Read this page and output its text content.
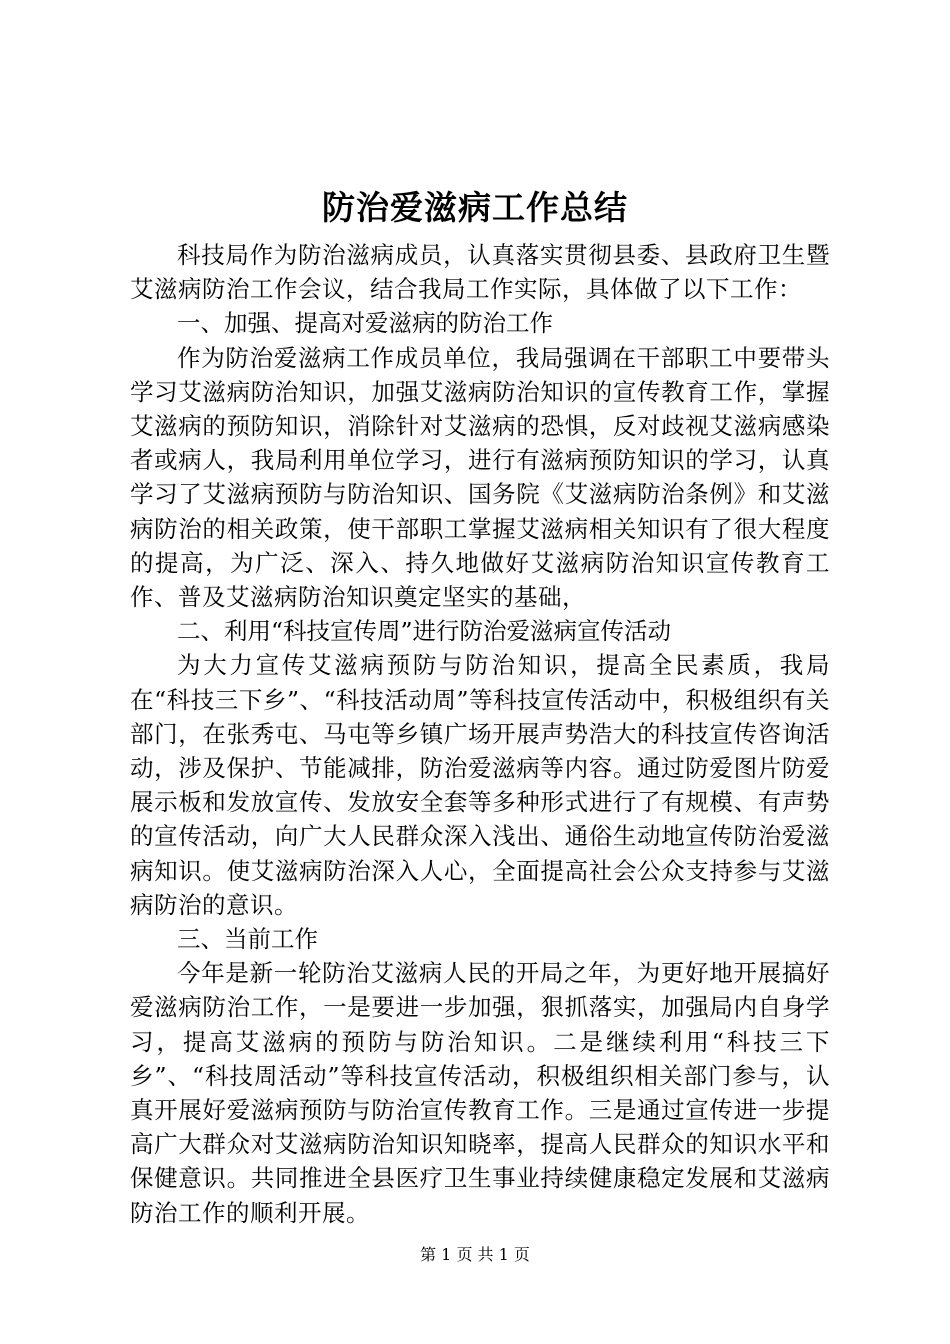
防治爱滋病工作总结

科技局作为防治滋病成员，认真落实贯彻县委、县政府卫生暨艾滋病防治工作会议，结合我局工作实际，具体做了以下工作：

一、加强、提高对爱滋病的防治工作

作为防治爱滋病工作成员单位，我局强调在干部职工中要带头学习艾滋病防治知识，加强艾滋病防治知识的宣传教育工作，掌握艾滋病的预防知识，消除针对艾滋病的恐惧，反对歧视艾滋病感染者或病人，我局利用单位学习，进行有滋病预防知识的学习，认真学习了艾滋病预防与防治知识、国务院《艾滋病防治条例》和艾滋病防治的相关政策，使干部职工掌握艾滋病相关知识有了很大程度的提高，为广泛、深入、持久地做好艾滋病防治知识宣传教育工作、普及艾滋病防治知识奠定坚实的基础，

二、利用“科技宣传周”进行防治爱滋病宣传活动

为大力宣传艾滋病预防与防治知识，提高全民素质，我局在“科技三下乡”、“科技活动周”等科技宣传活动中，积极组织有关部门，在张秀屯、马屯等乡镇广场开展声势浩大的科技宣传咨询活动，涉及保护、节能减排，防治爱滋病等内容。通过防爱图片防爱展示板和发放宣传、发放安全套等多种形式进行了有规模、有声势的宣传活动，向广大人民群众深入浅出、通俗生动地宣传防治爱滋病知识。使艾滋病防治深入人心，全面提高社会公众支持参与艾滋病防治的意识。

三、当前工作

今年是新一轮防治艾滋病人民的开局之年，为更好地开展搞好爱滋病防治工作，一是要进一步加强，狠抓落实，加强局内自身学习，提高艾滋病的预防与防治知识。二是继续利用“科技三下乡”、“科技周活动”等科技宣传活动，积极组织相关部门参与，认真开展好爱滋病预防与防治宣传教育工作。三是通过宣传进一步提高广大群众对艾滋病防治知识知晓率，提高人民群众的知识水平和保健意识。共同推进全县医疗卫生事业持续健康稳定发展和艾滋病防治工作的顺利开展。

第 1 页 共 1 页
